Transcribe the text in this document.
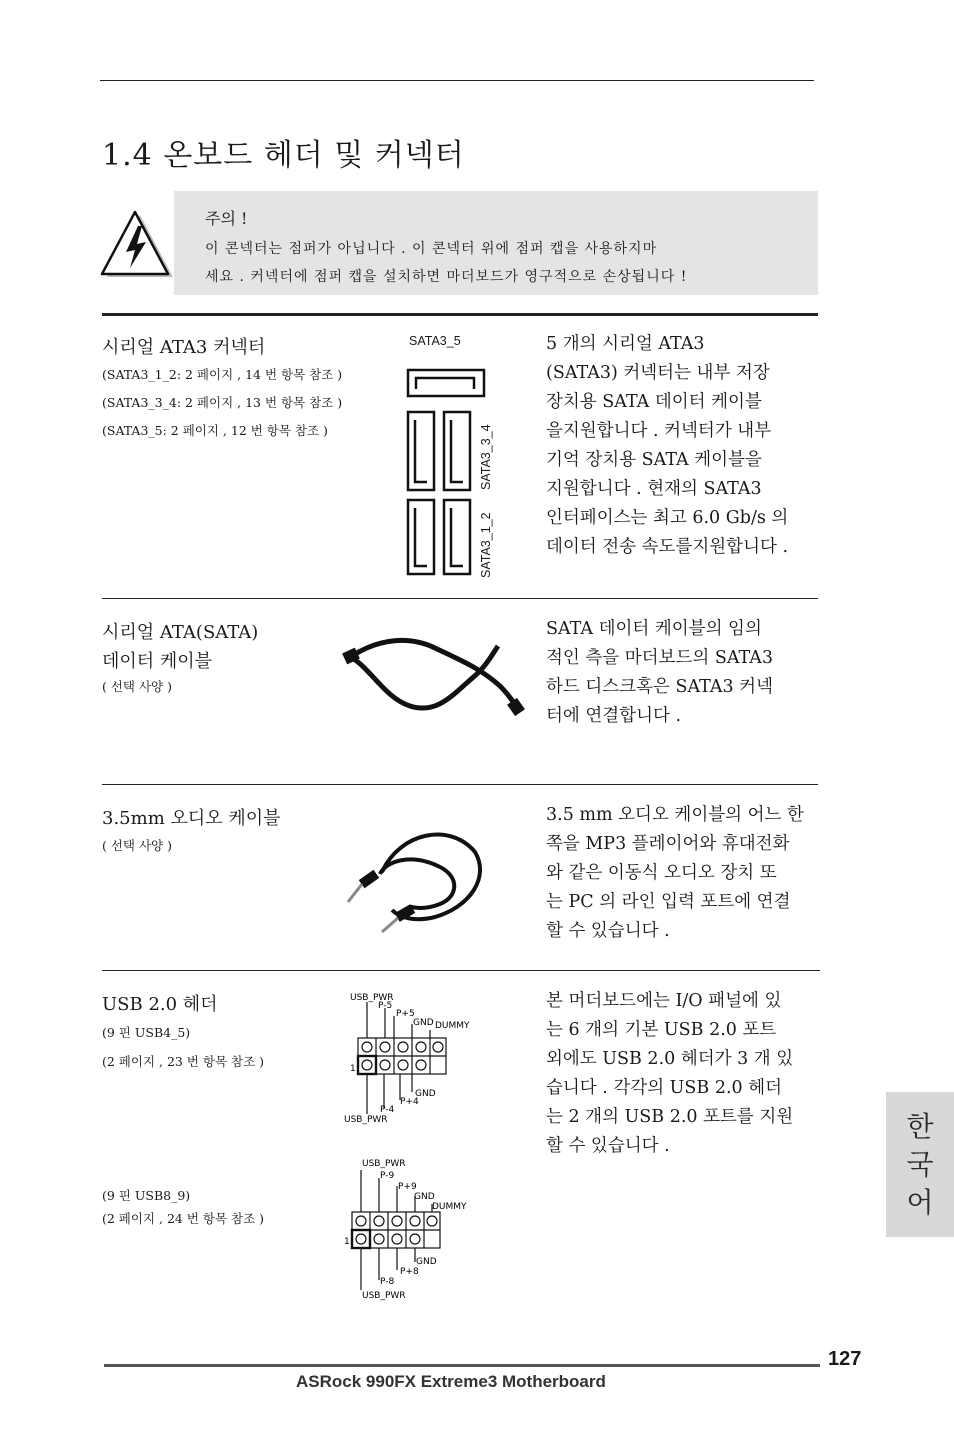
1.4 온보드 헤더 및 커넥터
주의 !
이 콘넥터는 점퍼가 아닙니다 . 이 콘넥터 위에 점퍼 캡을 사용하지마
세요 . 커넥터에 점퍼 캡을 설치하면 마더보드가 영구적으로 손상됩니다 !
시리얼 ATA3 커넥터
(SATA3_1_2: 2 페이지 , 14 번 항목 참조 )
(SATA3_3_4: 2 페이지 , 13 번 항목 참조 )
(SATA3_5: 2 페이지 , 12 번 항목 참조 )
SATA3_5
SATA3_3_4
SATA3_1_2
5 개의 시리얼 ATA3
(SATA3) 커넥터는 내부 저장
장치용 SATA 데이터 케이블
을지원합니다 . 커넥터가 내부
기억 장치용 SATA 케이블을
지원합니다 . 현재의 SATA3
인터페이스는 최고 6.0 Gb/s 의
데이터 전송 속도를지원합니다 .
시리얼 ATA(SATA)
데이터 케이블
( 선택 사양 )
SATA 데이터 케이블의 임의
적인 측을 마더보드의 SATA3
하드 디스크혹은 SATA3 커넥
터에 연결합니다 .
3.5mm 오디오 케이블
( 선택 사양 )
3.5 mm 오디오 케이블의 어느 한
쪽을 MP3 플레이어와 휴대전화
와 같은 이동식 오디오 장치 또
는 PC 의 라인 입력 포트에 연결
할 수 있습니다 .
USB 2.0 헤더
(9 핀 USB4_5)
(2 페이지 , 23 번 항목 참조 )
(9 핀 USB8_9)
(2 페이지 , 24 번 항목 참조 )
USB_PWR
P-5
P+5
GND DUMMY
1
GND
P+4
P-4
USB_PWR
USB_PWR
P-9
P+9
GND
DUMMY
1
GND
P+8
P-8
USB_PWR
본 머더보드에는 I/O 패널에 있
는 6 개의 기본 USB 2.0 포트
외에도 USB 2.0 헤더가 3 개 있
습니다 . 각각의 USB 2.0 헤더
는 2 개의 USB 2.0 포트를 지원
할 수 있습니다 .
한
국
어
127
ASRock 990FX Extreme3 Motherboard
